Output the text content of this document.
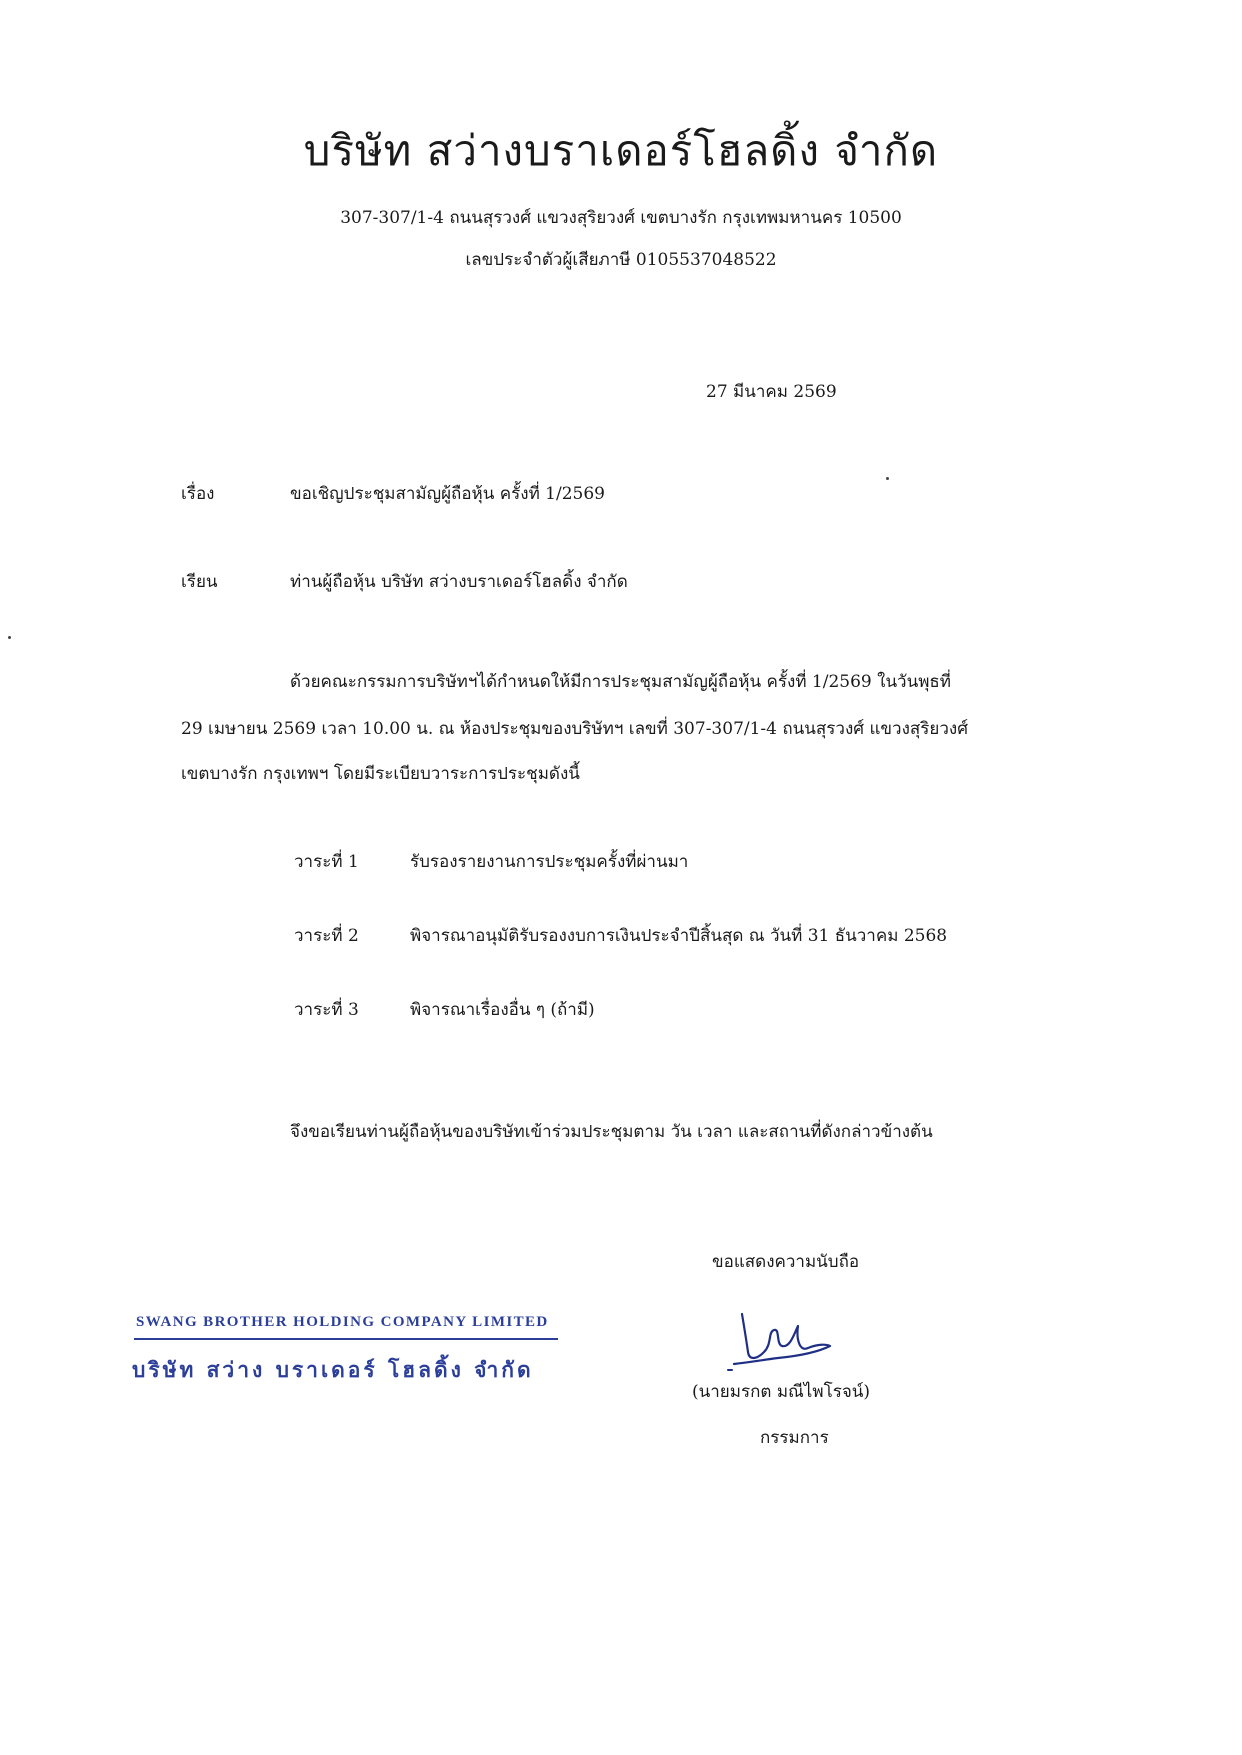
บริษัท สว่างบราเดอร์โฮลดิ้ง จำกัด
307-307/1-4 ถนนสุรวงศ์ แขวงสุริยวงศ์ เขตบางรัก กรุงเทพมหานคร 10500
เลขประจำตัวผู้เสียภาษี 0105537048522
27 มีนาคม 2569
เรื่อง	ขอเชิญประชุมสามัญผู้ถือหุ้น ครั้งที่ 1/2569
เรียน	ท่านผู้ถือหุ้น บริษัท สว่างบราเดอร์โฮลดิ้ง จำกัด
ด้วยคณะกรรมการบริษัทฯได้กำหนดให้มีการประชุมสามัญผู้ถือหุ้น ครั้งที่ 1/2569 ในวันพุธที่
29 เมษายน 2569 เวลา 10.00 น. ณ ห้องประชุมของบริษัทฯ เลขที่ 307-307/1-4 ถนนสุรวงศ์ แขวงสุริยวงศ์
เขตบางรัก กรุงเทพฯ โดยมีระเบียบวาระการประชุมดังนี้
วาระที่ 1	รับรองรายงานการประชุมครั้งที่ผ่านมา
วาระที่ 2	พิจารณาอนุมัติรับรองงบการเงินประจำปีสิ้นสุด ณ วันที่ 31 ธันวาคม 2568
วาระที่ 3	พิจารณาเรื่องอื่น ๆ (ถ้ามี)
จึงขอเรียนท่านผู้ถือหุ้นของบริษัทเข้าร่วมประชุมตาม วัน เวลา และสถานที่ดังกล่าวข้างต้น
ขอแสดงความนับถือ
SWANG BROTHER HOLDING COMPANY LIMITED
บริษัท สว่าง บราเดอร์ โฮลดิ้ง จำกัด
(นายมรกต มณีไพโรจน์)
กรรมการ
